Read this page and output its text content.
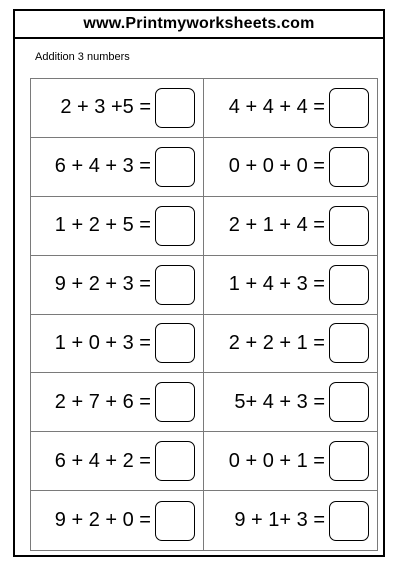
www.Printmyworksheets.com
Addition 3 numbers
2 + 3 +5 =	4 + 4 + 4 =
6 + 4 + 3 =	0 + 0 + 0 =
1 + 2 + 5 =	2 + 1 + 4 =
9 + 2 + 3 =	1 + 4 + 3 =
1 + 0 + 3 =	2 + 2 + 1 =
2 + 7 + 6 =	5+ 4 + 3 =
6 + 4 + 2 =	0 + 0 + 1 =
9 + 2 + 0 =	9 + 1+ 3 =
